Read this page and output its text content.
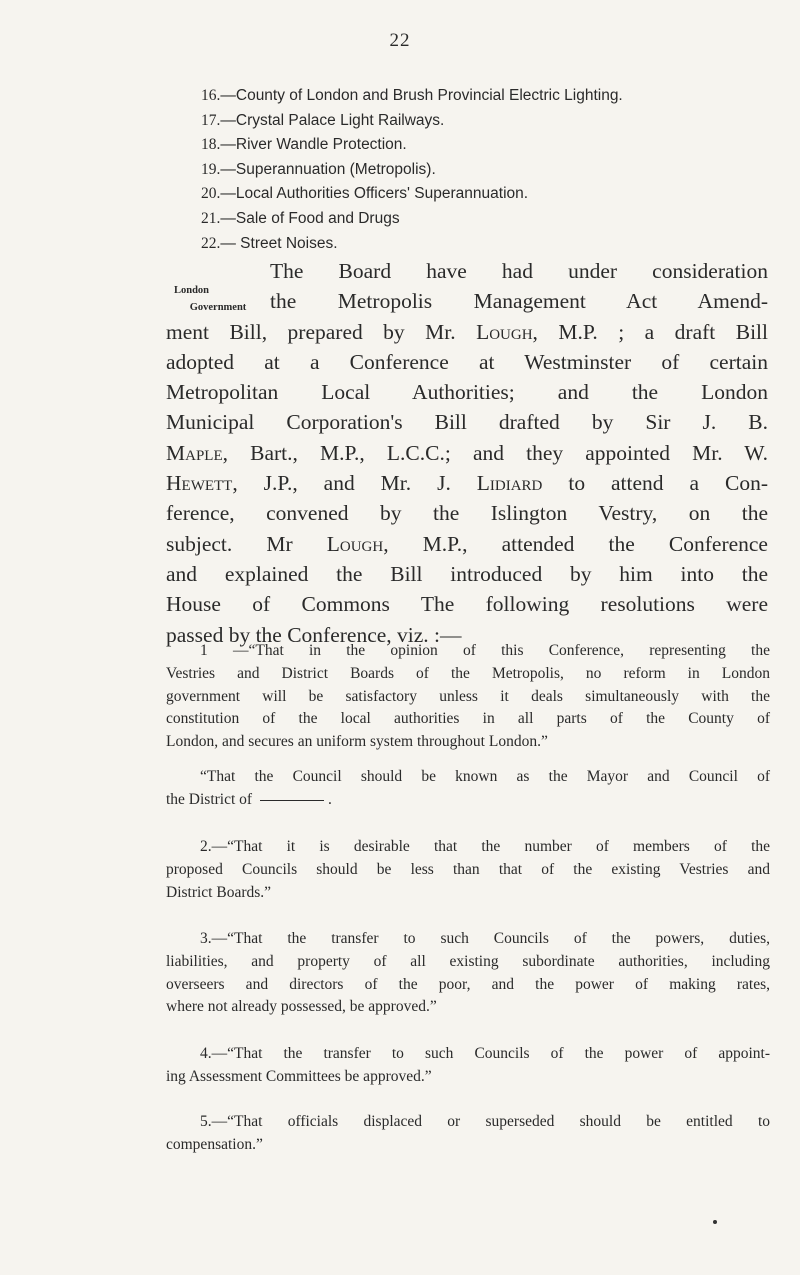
22
16.—County of London and Brush Provincial Electric Lighting.
17.—Crystal Palace Light Railways.
18.—River Wandle Protection.
19.—Superannuation (Metropolis).
20.—Local Authorities Officers' Superannuation.
21.—Sale of Food and Drugs
22.— Street Noises.
London
Government
The Board have had under consideration
the Metropolis Management Act Amend-
ment Bill, prepared by Mr. Lough, M.P. ; a draft Bill
adopted at a Conference at Westminster of certain
Metropolitan Local Authorities; and the London
Municipal Corporation's Bill drafted by Sir J. B.
Maple, Bart., M.P., L.C.C.; and they appointed Mr. W.
Hewett, J.P., and Mr. J. Lidiard to attend a Con-
ference, convened by the Islington Vestry, on the
subject. Mr Lough, M.P., attended the Conference
and explained the Bill introduced by him into the
House of Commons The following resolutions were
passed by the Conference, viz. :—
1 —“That in the opinion of this Conference, representing the
Vestries and District Boards of the Metropolis, no reform in London
government will be satisfactory unless it deals simultaneously with the
constitution of the local authorities in all parts of the County of
London, and secures an uniform system throughout London.”
“That the Council should be known as the Mayor and Council of
the District of	.
2.—“That it is desirable that the number of members of the
proposed Councils should be less than that of the existing Vestries and
District Boards.”
3.—“That the transfer to such Councils of the powers, duties,
liabilities, and property of all existing subordinate authorities, including
overseers and directors of the poor, and the power of making rates,
where not already possessed, be approved.”
4.—“That the transfer to such Councils of the power of appoint-
ing Assessment Committees be approved.”
5.—“That officials displaced or superseded should be entitled to
compensation.”
